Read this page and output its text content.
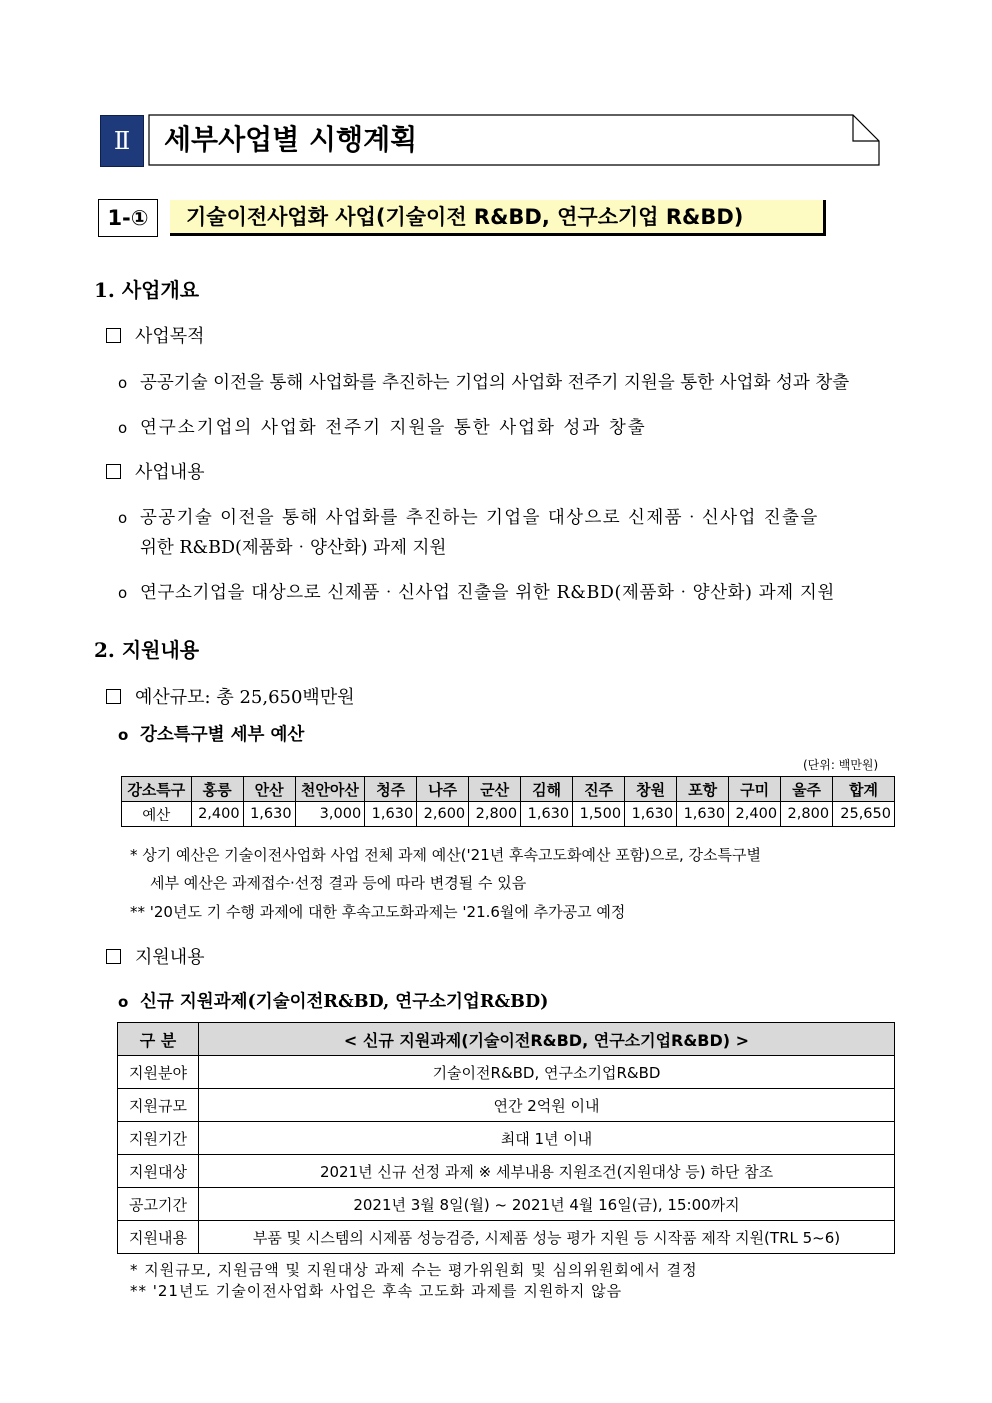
Ⅱ 세부사업별 시행계획
1-①	기술이전사업화 사업(기술이전 R&BD, 연구소기업 R&BD)
1. 사업개요
사업목적
o 공공기술 이전을 통해 사업화를 추진하는 기업의 사업화 전주기 지원을 통한 사업화 성과 창출
o 연구소기업의 사업화 전주기 지원을 통한 사업화 성과 창출
사업내용
o 공공기술 이전을 통해 사업화를 추진하는 기업을 대상으로 신제품‧신사업 진출을
위한 R&BD(제품화‧양산화) 과제 지원
o 연구소기업을 대상으로 신제품‧신사업 진출을 위한 R&BD(제품화‧양산화) 과제 지원
2. 지원내용
예산규모: 총 25,650백만원
o 강소특구별 세부 예산
(단위: 백만원)
강소특구	홍릉	안산	천안아산	청주	나주	군산	김해	진주	창원	포항	구미	울주	합계
예산	2,400	1,630	3,000	1,630	2,600	2,800	1,630	1,500	1,630	1,630	2,400	2,800	25,650
* 상기 예산은 기술이전사업화 사업 전체 과제 예산('21년 후속고도화예산 포함)으로, 강소특구별
세부 예산은 과제접수‧선정 결과 등에 따라 변경될 수 있음
** '20년도 기 수행 과제에 대한 후속고도화과제는 '21.6월에 추가공고 예정
지원내용
o 신규 지원과제(기술이전R&BD, 연구소기업R&BD)
구 분	< 신규 지원과제(기술이전R&BD, 연구소기업R&BD) >
지원분야	기술이전R&BD, 연구소기업R&BD
지원규모	연간 2억원 이내
지원기간	최대 1년 이내
지원대상	2021년 신규 선정 과제 ※ 세부내용 지원조건(지원대상 등) 하단 참조
공고기간	2021년 3월 8일(월) ~ 2021년 4월 16일(금), 15:00까지
지원내용	부품 및 시스템의 시제품 성능검증, 시제품 성능 평가 지원 등 시작품 제작 지원(TRL 5~6)
* 지원규모, 지원금액 및 지원대상 과제 수는 평가위원회 및 심의위원회에서 결정
** '21년도 기술이전사업화 사업은 후속 고도화 과제를 지원하지 않음
